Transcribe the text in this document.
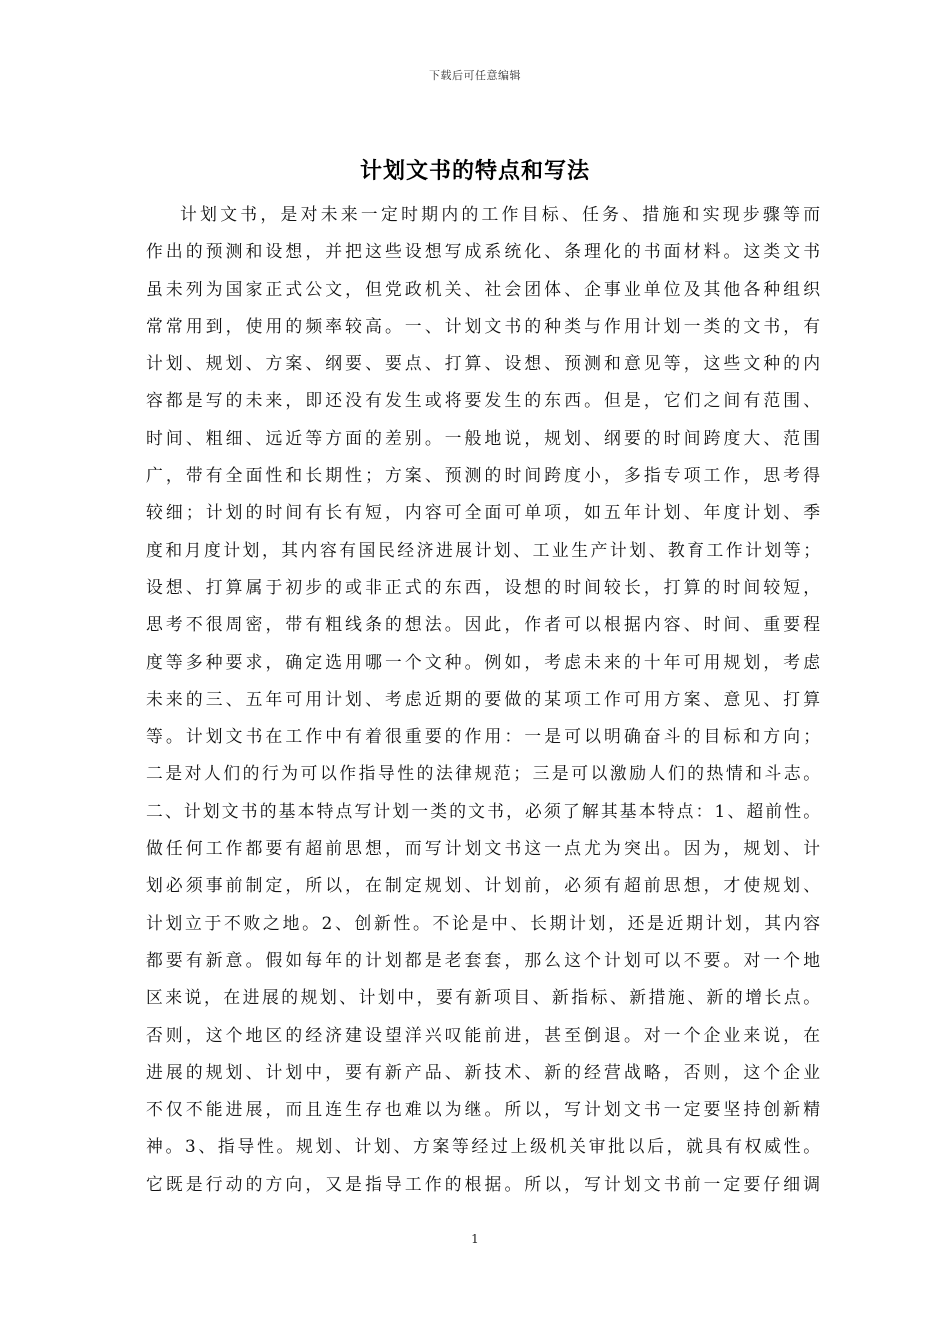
下载后可任意编辑
计划文书的特点和写法
计划文书，是对未来一定时期内的工作目标、任务、措施和实现步骤等而
作出的预测和设想，并把这些设想写成系统化、条理化的书面材料。这类文书
虽未列为国家正式公文，但党政机关、社会团体、企事业单位及其他各种组织
常常用到，使用的频率较高。一、计划文书的种类与作用计划一类的文书，有
计划、规划、方案、纲要、要点、打算、设想、预测和意见等，这些文种的内
容都是写的未来，即还没有发生或将要发生的东西。但是，它们之间有范围、
时间、粗细、远近等方面的差别。一般地说，规划、纲要的时间跨度大、范围
广，带有全面性和长期性；方案、预测的时间跨度小，多指专项工作，思考得
较细；计划的时间有长有短，内容可全面可单项，如五年计划、年度计划、季
度和月度计划，其内容有国民经济进展计划、工业生产计划、教育工作计划等；
设想、打算属于初步的或非正式的东西，设想的时间较长，打算的时间较短，
思考不很周密，带有粗线条的想法。因此，作者可以根据内容、时间、重要程
度等多种要求，确定选用哪一个文种。例如，考虑未来的十年可用规划，考虑
未来的三、五年可用计划、考虑近期的要做的某项工作可用方案、意见、打算
等。计划文书在工作中有着很重要的作用：一是可以明确奋斗的目标和方向；
二是对人们的行为可以作指导性的法律规范；三是可以激励人们的热情和斗志。
二、计划文书的基本特点写计划一类的文书，必须了解其基本特点：1、超前性。
做任何工作都要有超前思想，而写计划文书这一点尤为突出。因为，规划、计
划必须事前制定，所以，在制定规划、计划前，必须有超前思想，才使规划、
计划立于不败之地。2、创新性。不论是中、长期计划，还是近期计划，其内容
都要有新意。假如每年的计划都是老套套，那么这个计划可以不要。对一个地
区来说，在进展的规划、计划中，要有新项目、新指标、新措施、新的增长点。
否则，这个地区的经济建设望洋兴叹能前进，甚至倒退。对一个企业来说，在
进展的规划、计划中，要有新产品、新技术、新的经营战略，否则，这个企业
不仅不能进展，而且连生存也难以为继。所以，写计划文书一定要坚持创新精
神。3、指导性。规划、计划、方案等经过上级机关审批以后，就具有权威性。
它既是行动的方向，又是指导工作的根据。所以，写计划文书前一定要仔细调
1
